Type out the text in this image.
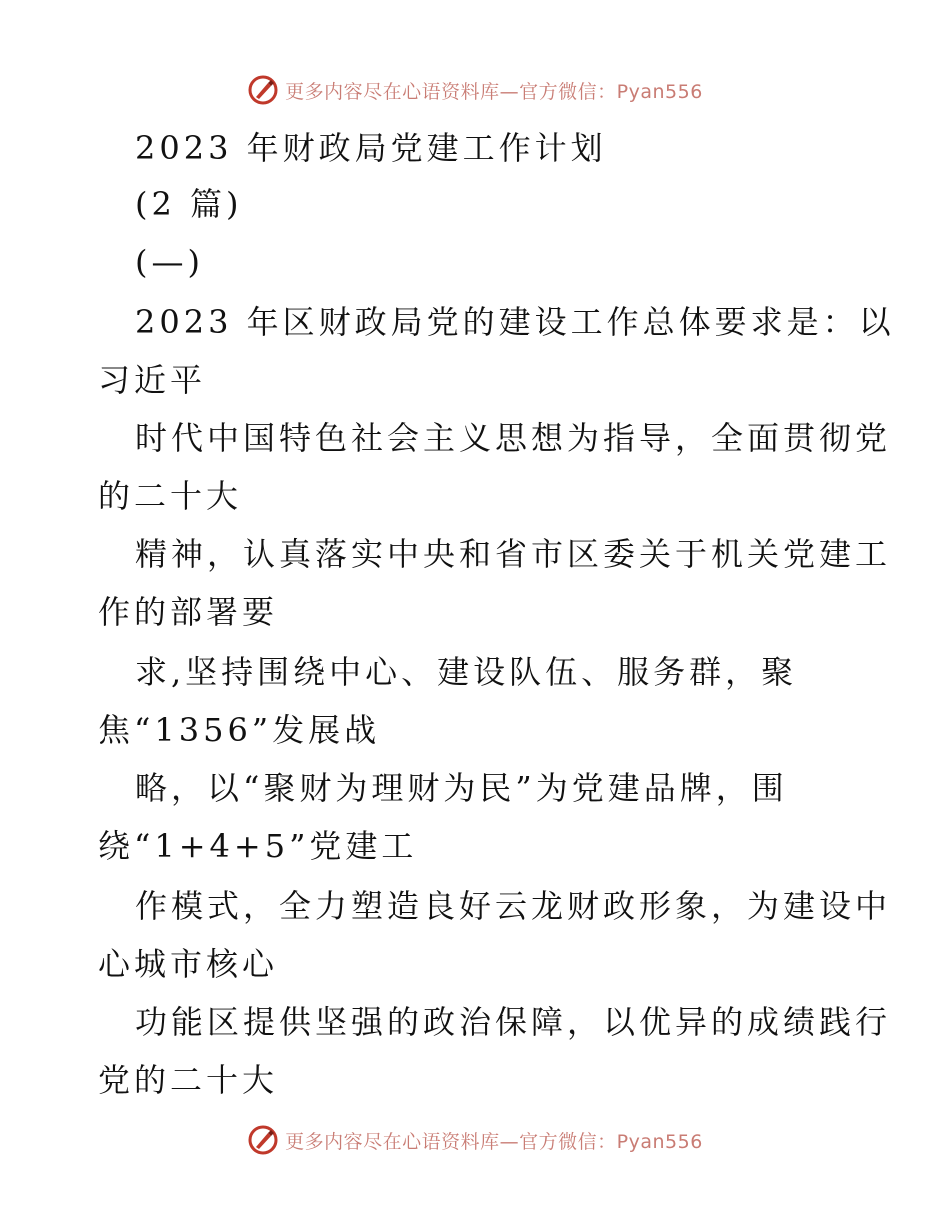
更多内容尽在心语资料库—官方微信：Pyan556
2023 年财政局党建工作计划
(2 篇)
(—)
2023 年区财政局党的建设工作总体要求是：以
习近平
时代中国特色社会主义思想为指导，全面贯彻党
的二十大
精神，认真落实中央和省市区委关于机关党建工
作的部署要
求,坚持围绕中心、建设队伍、服务群，聚
焦“1356”发展战
略，以“聚财为理财为民”为党建品牌，围
绕“1+4+5”党建工
作模式，全力塑造良好云龙财政形象，为建设中
心城市核心
功能区提供坚强的政治保障，以优异的成绩践行
党的二十大
更多内容尽在心语资料库—官方微信：Pyan556
